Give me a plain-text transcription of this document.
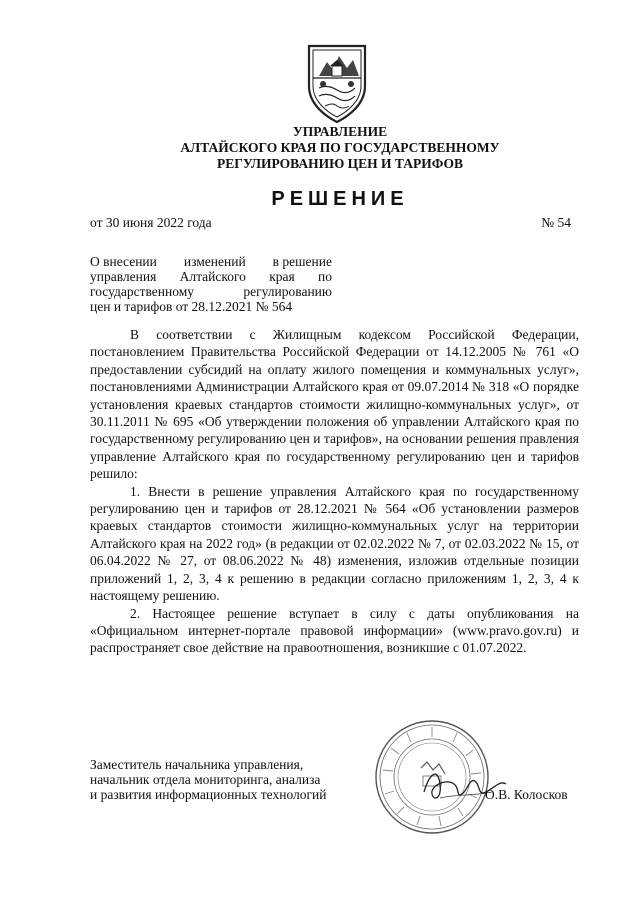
УПРАВЛЕНИЕ
АЛТАЙСКОГО КРАЯ ПО ГОСУДАРСТВЕННОМУ
РЕГУЛИРОВАНИЮ ЦЕН И ТАРИФОВ
РЕШЕНИЕ
от 30 июня 2022 года	№ 54
О внесении изменений в решение
управления Алтайского края по
государственному	регулированию
цен и тарифов от 28.12.2021 № 564

В соответствии с Жилищным кодексом Российской Федерации, постановлением Правительства Российской Федерации от 14.12.2005 № 761 «О предоставлении субсидий на оплату жилого помещения и коммунальных услуг», постановлениями Администрации Алтайского края от 09.07.2014 № 318 «О порядке установления краевых стандартов стоимости жилищно-коммунальных услуг», от 30.11.2011 № 695 «Об утверждении положения об управлении Алтайского края по государственному регулированию цен и тарифов», на основании решения правления управление Алтайского края по государственному регулированию цен и тарифов решило:

1. Внести в решение управления Алтайского края по государственному регулированию цен и тарифов от 28.12.2021 № 564 «Об установлении размеров краевых стандартов стоимости жилищно-коммунальных услуг на территории Алтайского края на 2022 год» (в редакции от 02.02.2022 № 7, от 02.03.2022 № 15, от 06.04.2022 № 27, от 08.06.2022 № 48) изменения, изложив отдельные позиции приложений 1, 2, 3, 4 к решению в редакции согласно приложениям 1, 2, 3, 4 к настоящему решению.

2. Настоящее решение вступает в силу с даты опубликования на «Официальном интернет-портале правовой информации» (www.pravo.gov.ru) и распространяет свое действие на правоотношения, возникшие с 01.07.2022.

Заместитель начальника управления,
начальник отдела мониторинга, анализа
и развития информационных технологий	О.В. Колосков
